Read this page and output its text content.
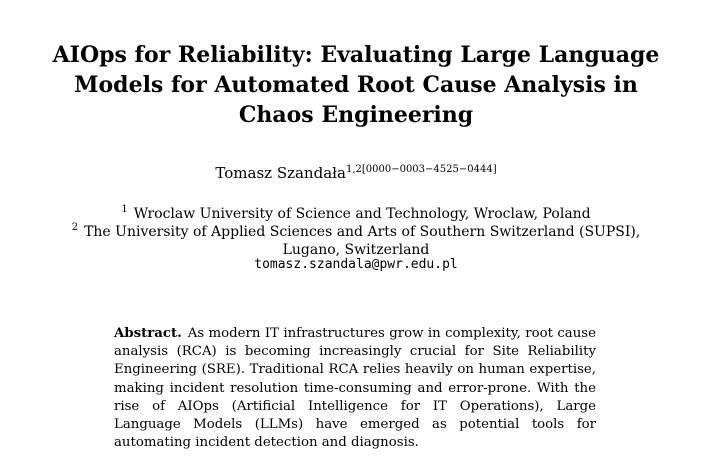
AIOps for Reliability: Evaluating Large Language Models for Automated Root Cause Analysis in Chaos Engineering
Tomasz Szandała$^{1,2[0000-0003-4525-0444]}$
$^1$ Wroclaw University of Science and Technology, Wroclaw, Poland
$^2$ The University of Applied Sciences and Arts of Southern Switzerland (SUPSI), Lugano, Switzerland
tomasz.szandala@pwr.edu.pl
Abstract. As modern IT infrastructures grow in complexity, root cause analysis (RCA) is becoming increasingly crucial for Site Reliability Engineering (SRE). Traditional RCA relies heavily on human expertise, making incident resolution time-consuming and error-prone. With the rise of AIOps (Artificial Intelligence for IT Operations), Large Language Models (LLMs) have emerged as potential tools for automating incident detection and diagnosis.
